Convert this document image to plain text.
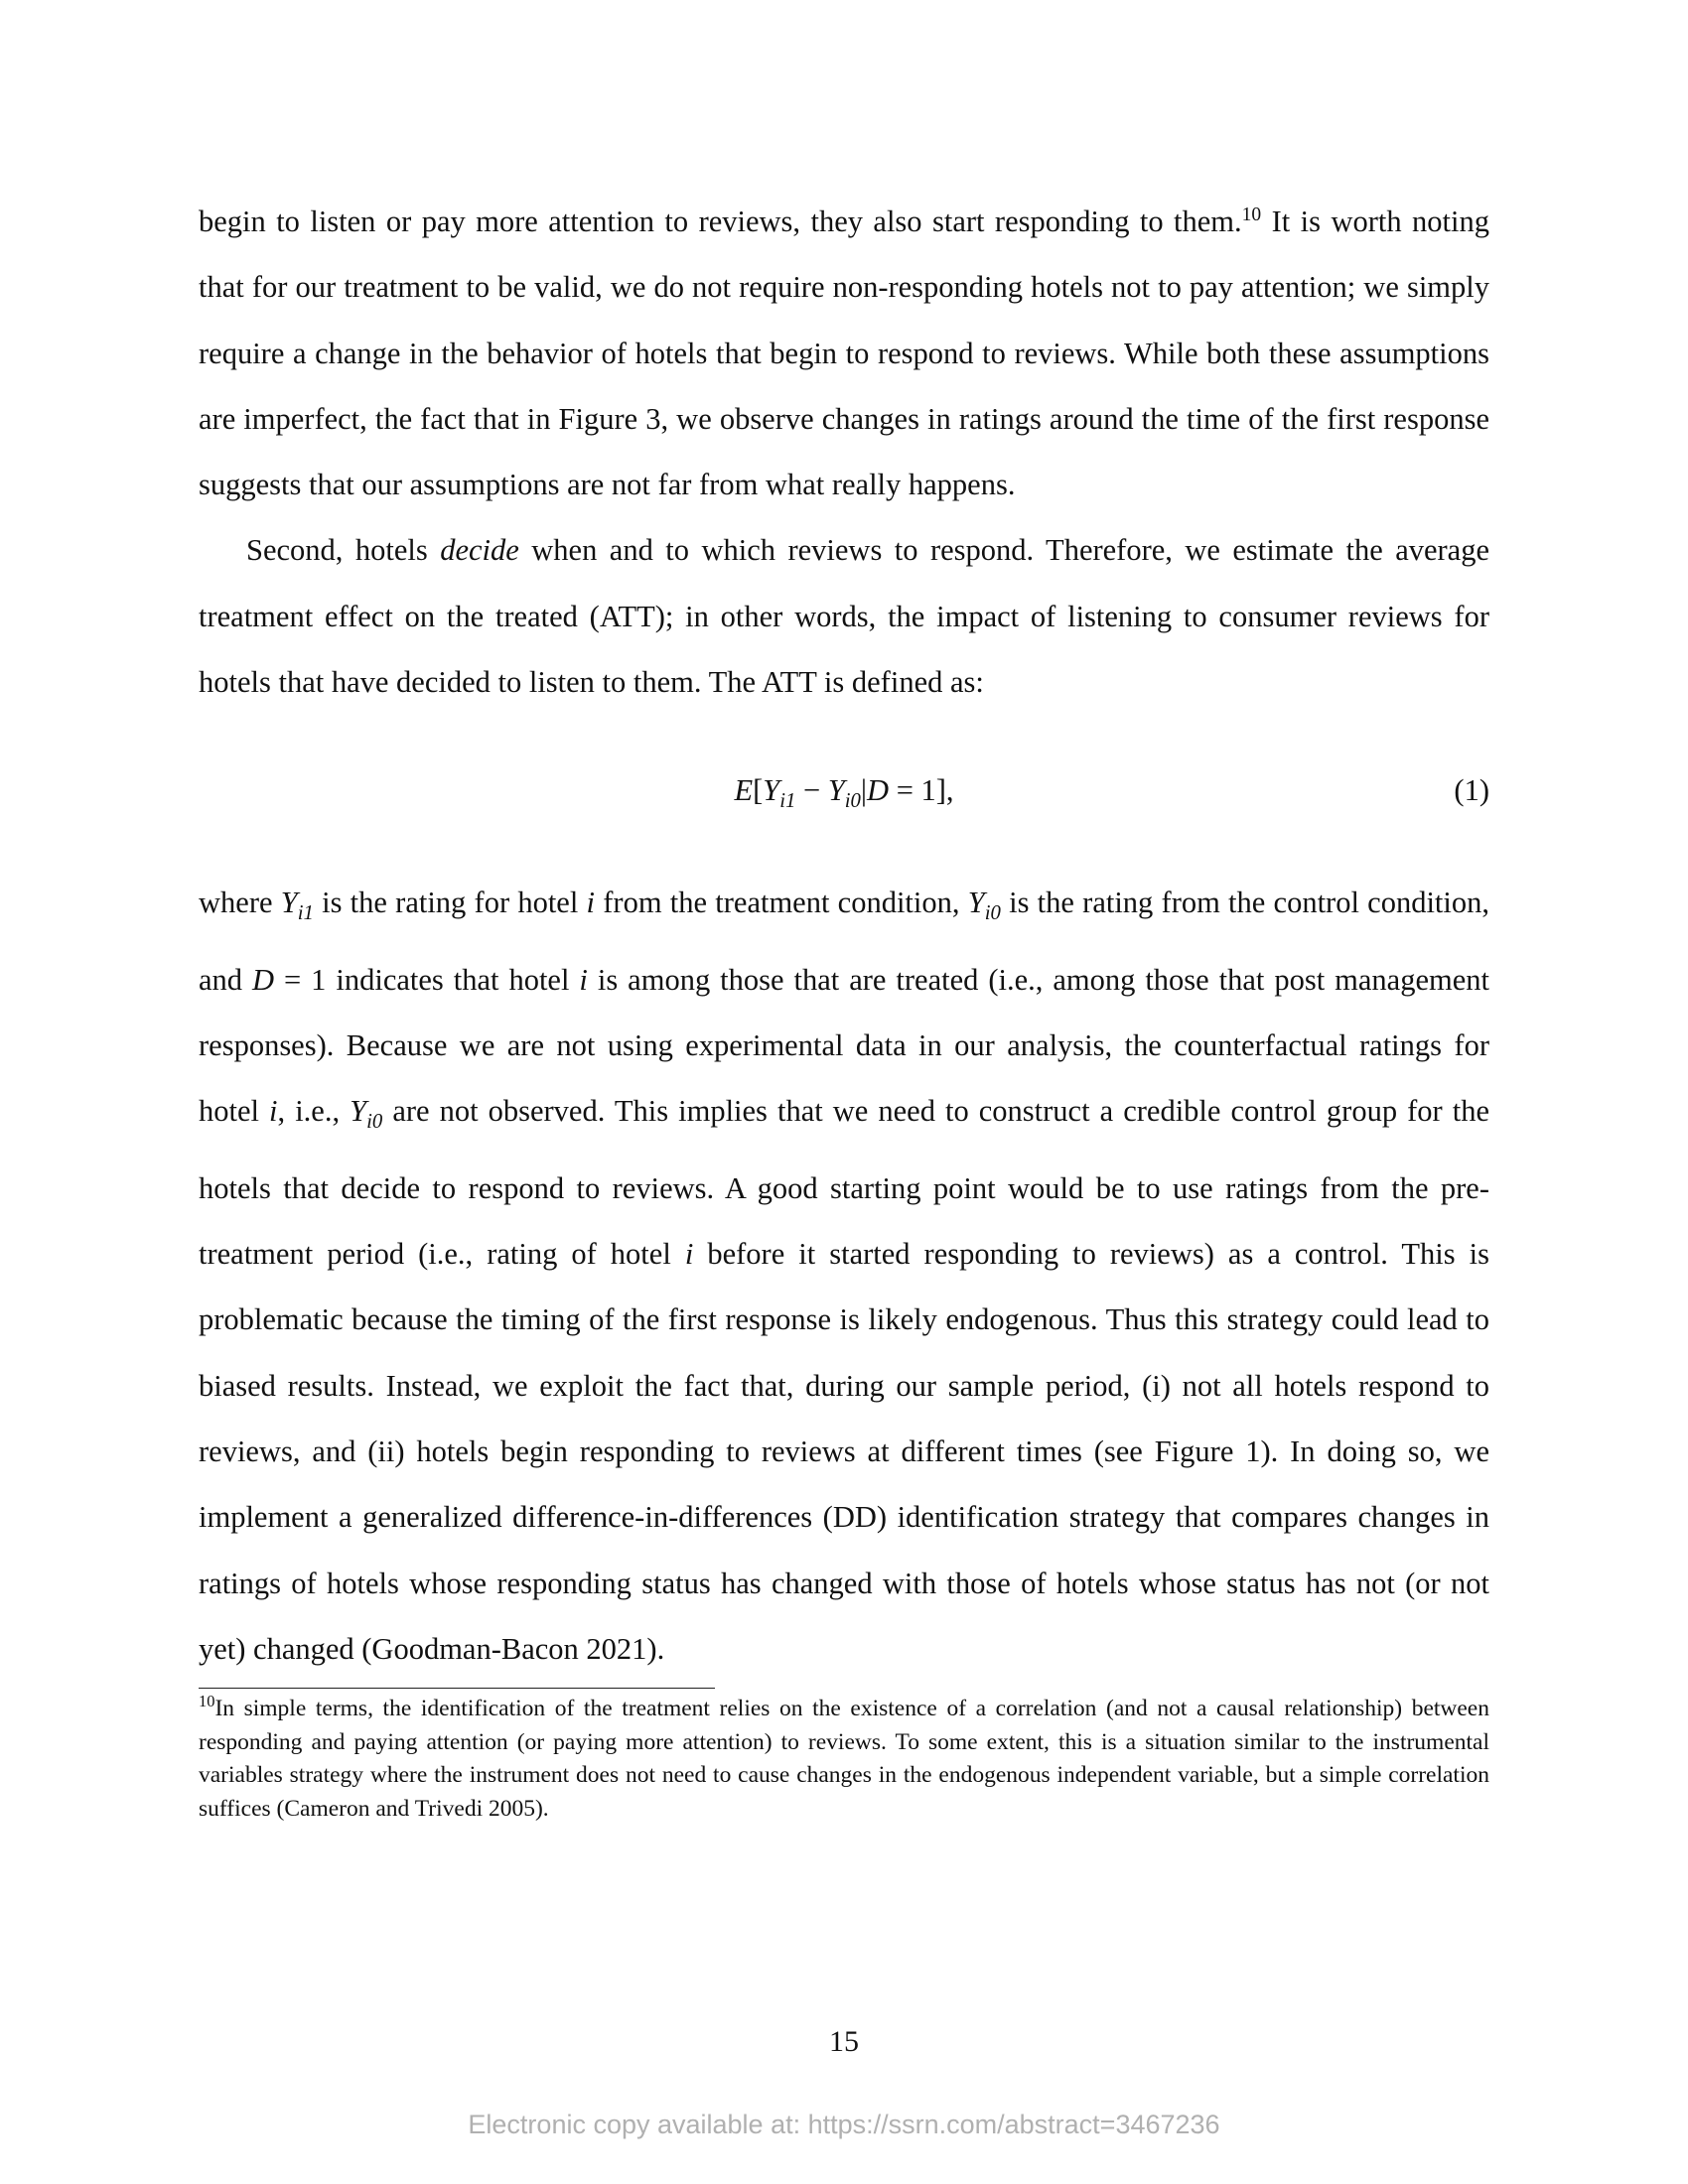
begin to listen or pay more attention to reviews, they also start responding to them.$^{10}$ It is worth noting that for our treatment to be valid, we do not require non-responding hotels not to pay attention; we simply require a change in the behavior of hotels that begin to respond to reviews. While both these assumptions are imperfect, the fact that in Figure 3, we observe changes in ratings around the time of the first response suggests that our assumptions are not far from what really happens.

Second, hotels decide when and to which reviews to respond. Therefore, we estimate the average treatment effect on the treated (ATT); in other words, the impact of listening to consumer reviews for hotels that have decided to listen to them. The ATT is defined as:

$E[Y_{i1} - Y_{i0}|D = 1]$,	(1)

where $Y_{i1}$ is the rating for hotel i from the treatment condition, $Y_{i0}$ is the rating from the control condition, and D = 1 indicates that hotel i is among those that are treated (i.e., among those that post management responses). Because we are not using experimental data in our analysis, the counterfactual ratings for hotel i, i.e., $Y_{i0}$ are not observed. This implies that we need to construct a credible control group for the hotels that decide to respond to reviews. A good starting point would be to use ratings from the pre-treatment period (i.e., rating of hotel i before it started responding to reviews) as a control. This is problematic because the timing of the first response is likely endogenous. Thus this strategy could lead to biased results. Instead, we exploit the fact that, during our sample period, (i) not all hotels respond to reviews, and (ii) hotels begin responding to reviews at different times (see Figure 1). In doing so, we implement a generalized difference-in-differences (DD) identification strategy that compares changes in ratings of hotels whose responding status has changed with those of hotels whose status has not (or not yet) changed (Goodman-Bacon 2021).

$^{10}$In simple terms, the identification of the treatment relies on the existence of a correlation (and not a causal relationship) between responding and paying attention (or paying more attention) to reviews. To some extent, this is a situation similar to the instrumental variables strategy where the instrument does not need to cause changes in the endogenous independent variable, but a simple correlation suffices (Cameron and Trivedi 2005).

15
Electronic copy available at: https://ssrn.com/abstract=3467236
